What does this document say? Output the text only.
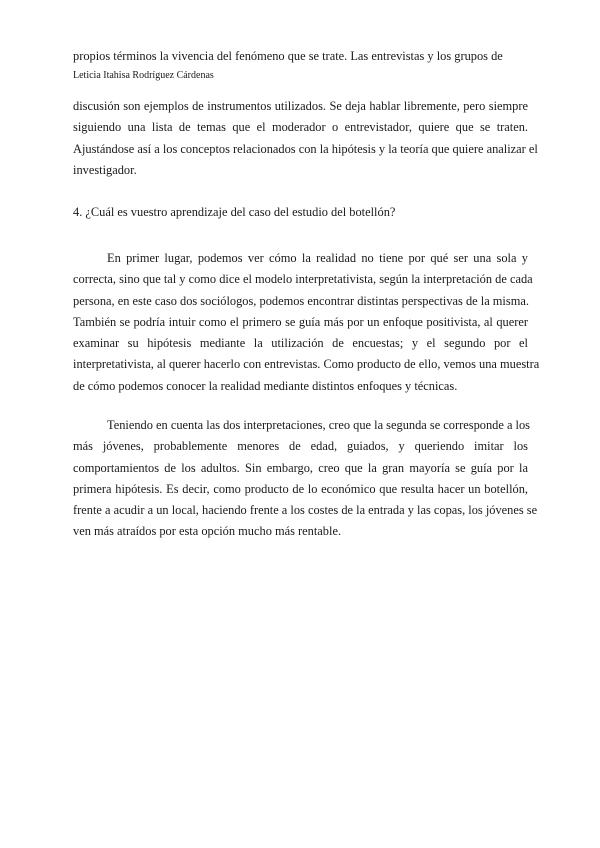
propios términos la vivencia del fenómeno que se trate. Las entrevistas y los grupos de
Leticia Itahisa Rodríguez Cárdenas
discusión son ejemplos de instrumentos utilizados. Se deja hablar libremente, pero siempre
siguiendo una lista de temas que el moderador o entrevistador, quiere que se traten.
Ajustándose así a los conceptos relacionados con la hipótesis y la teoría que quiere analizar el
investigador.
4. ¿Cuál es vuestro aprendizaje del caso del estudio del botellón?
En primer lugar, podemos ver cómo la realidad no tiene por qué ser una sola y
correcta, sino que tal y como dice el modelo interpretativista, según la interpretación de cada
persona, en este caso dos sociólogos, podemos encontrar distintas perspectivas de la misma.
También se podría intuir como el primero se guía más por un enfoque positivista, al querer
examinar su hipótesis mediante la utilización de encuestas; y el segundo por el
interpretativista, al querer hacerlo con entrevistas. Como producto de ello, vemos una muestra
de cómo podemos conocer la realidad mediante distintos enfoques y técnicas.
Teniendo en cuenta las dos interpretaciones, creo que la segunda se corresponde a los
más jóvenes, probablemente menores de edad, guiados, y queriendo imitar los
comportamientos de los adultos. Sin embargo, creo que la gran mayoría se guía por la
primera hipótesis. Es decir, como producto de lo económico que resulta hacer un botellón,
frente a acudir a un local, haciendo frente a los costes de la entrada y las copas, los jóvenes se
ven más atraídos por esta opción mucho más rentable.
